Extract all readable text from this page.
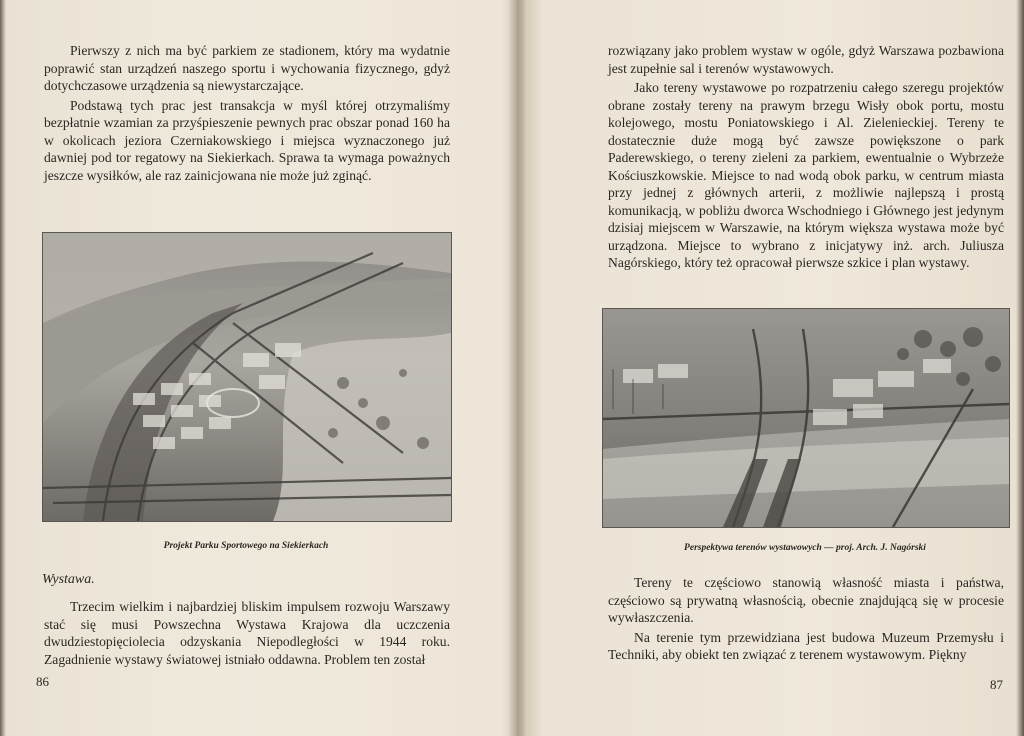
Pierwszy z nich ma być parkiem ze stadionem, który ma wydatnie poprawić stan urządzeń naszego sportu i wychowania fizycznego, gdyż dotychczasowe urządzenia są niewystarczające.

Podstawą tych prac jest transakcja w myśl której otrzymaliśmy bezpłatnie wzamian za przyśpieszenie pewnych prac obszar ponad 160 ha w okolicach jeziora Czerniakowskiego i miejsca wyznaczonego już dawniej pod tor regatowy na Siekierkach. Sprawa ta wymaga poważnych jeszcze wysiłków, ale raz zainicjowana nie może już zginąć.

Projekt Parku Sportowego na Siekierkach
Wystawa.

Trzecim wielkim i najbardziej bliskim impulsem rozwoju Warszawy stać się musi Powszechna Wystawa Krajowa dla uczczenia dwudziestopięciolecia odzyskania Niepodległości w 1944 roku. Zagadnienie wystawy światowej istniało oddawna. Problem ten został

86

rozwiązany jako problem wystaw w ogóle, gdyż Warszawa pozbawiona jest zupełnie sal i terenów wystawowych.

Jako tereny wystawowe po rozpatrzeniu całego szeregu projektów obrane zostały tereny na prawym brzegu Wisły obok portu, mostu kolejowego, mostu Poniatowskiego i Al. Zielenieckiej. Tereny te dostatecznie duże mogą być zawsze powiększone o park Paderewskiego, o tereny zieleni za parkiem, ewentualnie o Wybrzeże Kościuszkowskie. Miejsce to nad wodą obok parku, w centrum miasta przy jednej z głównych arterii, z możliwie najlepszą i prostą komunikacją, w pobliżu dworca Wschodniego i Głównego jest jedynym dzisiaj miejscem w Warszawie, na którym większa wystawa może być urządzona. Miejsce to wybrano z inicjatywy inż. arch. Juliusza Nagórskiego, który też opracował pierwsze szkice i plan wystawy.

Perspektywa terenów wystawowych — proj. Arch. J. Nagórski

Tereny te częściowo stanowią własność miasta i państwa, częściowo są prywatną własnością, obecnie znajdującą się w procesie wywłaszczenia.

Na terenie tym przewidziana jest budowa Muzeum Przemysłu i Techniki, aby obiekt ten związać z terenem wystawowym. Piękny

87
